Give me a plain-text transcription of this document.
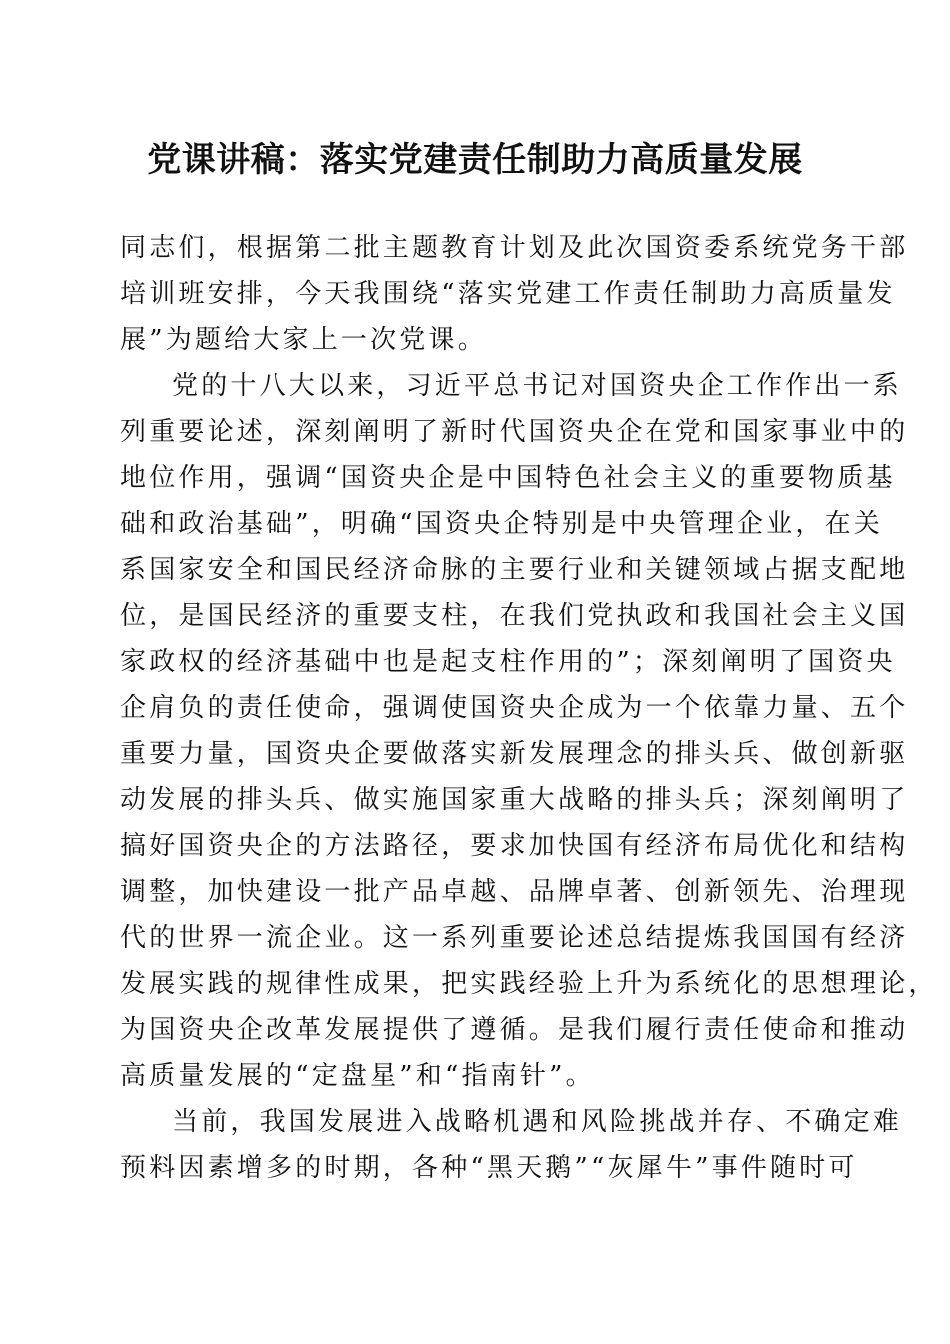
党课讲稿：落实党建责任制助力高质量发展
同志们，根据第二批主题教育计划及此次国资委系统党务干部
培训班安排，今天我围绕“落实党建工作责任制助力高质量发
展”为题给大家上一次党课。
党的十八大以来，习近平总书记对国资央企工作作出一系
列重要论述，深刻阐明了新时代国资央企在党和国家事业中的
地位作用，强调“国资央企是中国特色社会主义的重要物质基
础和政治基础”，明确“国资央企特别是中央管理企业，在关
系国家安全和国民经济命脉的主要行业和关键领域占据支配地
位，是国民经济的重要支柱，在我们党执政和我国社会主义国
家政权的经济基础中也是起支柱作用的”；深刻阐明了国资央
企肩负的责任使命，强调使国资央企成为一个依靠力量、五个
重要力量，国资央企要做落实新发展理念的排头兵、做创新驱
动发展的排头兵、做实施国家重大战略的排头兵；深刻阐明了
搞好国资央企的方法路径，要求加快国有经济布局优化和结构
调整，加快建设一批产品卓越、品牌卓著、创新领先、治理现
代的世界一流企业。这一系列重要论述总结提炼我国国有经济
发展实践的规律性成果，把实践经验上升为系统化的思想理论，
为国资央企改革发展提供了遵循。是我们履行责任使命和推动
高质量发展的“定盘星”和“指南针”。
当前，我国发展进入战略机遇和风险挑战并存、不确定难
预料因素增多的时期，各种“黑天鹅”“灰犀牛”事件随时可
